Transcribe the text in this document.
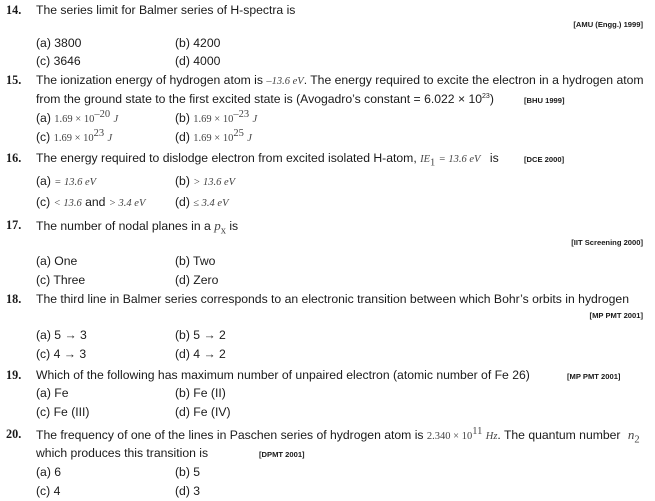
14. The series limit for Balmer series of H-spectra is
[AMU (Engg.) 1999]
(a) 3800	(b) 4200
(c) 3646	(d) 4000
15. The ionization energy of hydrogen atom is –13.6 eV. The energy required to excite the electron in a hydrogen atom
from the ground state to the first excited state is (Avogadro’s constant = $6.022 \times 10^{23}$)	[BHU 1999]
(a) $1.69 \times 10^{-20}$ J	(b) $1.69 \times 10^{-23}$ J
(c) $1.69 \times 10^{23}$ J	(d) $1.69 \times 10^{25}$ J
16. The energy required to dislodge electron from excited isolated H-atom, $IE_1 = 13.6$ eV is	[DCE 2000]
(a) = 13.6 eV	(b) > 13.6 eV
(c) < 13.6 and > 3.4 eV (d) ≤ 3.4 eV
17. The number of nodal planes in a $p_x$ is
[IIT Screening 2000]
(a) One	(b) Two
(c) Three	(d) Zero
18. The third line in Balmer series corresponds to an electronic transition between which Bohr’s orbits in hydrogen
[MP PMT 2001]
(a) 5 → 3	(b) 5 → 2
(c) 4 → 3	(d) 4 → 2
19. Which of the following has maximum number of unpaired electron (atomic number of Fe 26)	[MP PMT 2001]
(a) Fe	(b) Fe (II)
(c) Fe (III)	(d) Fe (IV)
20. The frequency of one of the lines in Paschen series of hydrogen atom is $2.340 \times 10^{11}$ Hz. The quantum number $n_2$
which produces this transition is	[DPMT 2001]
(a) 6	(b) 5
(c) 4	(d) 3
